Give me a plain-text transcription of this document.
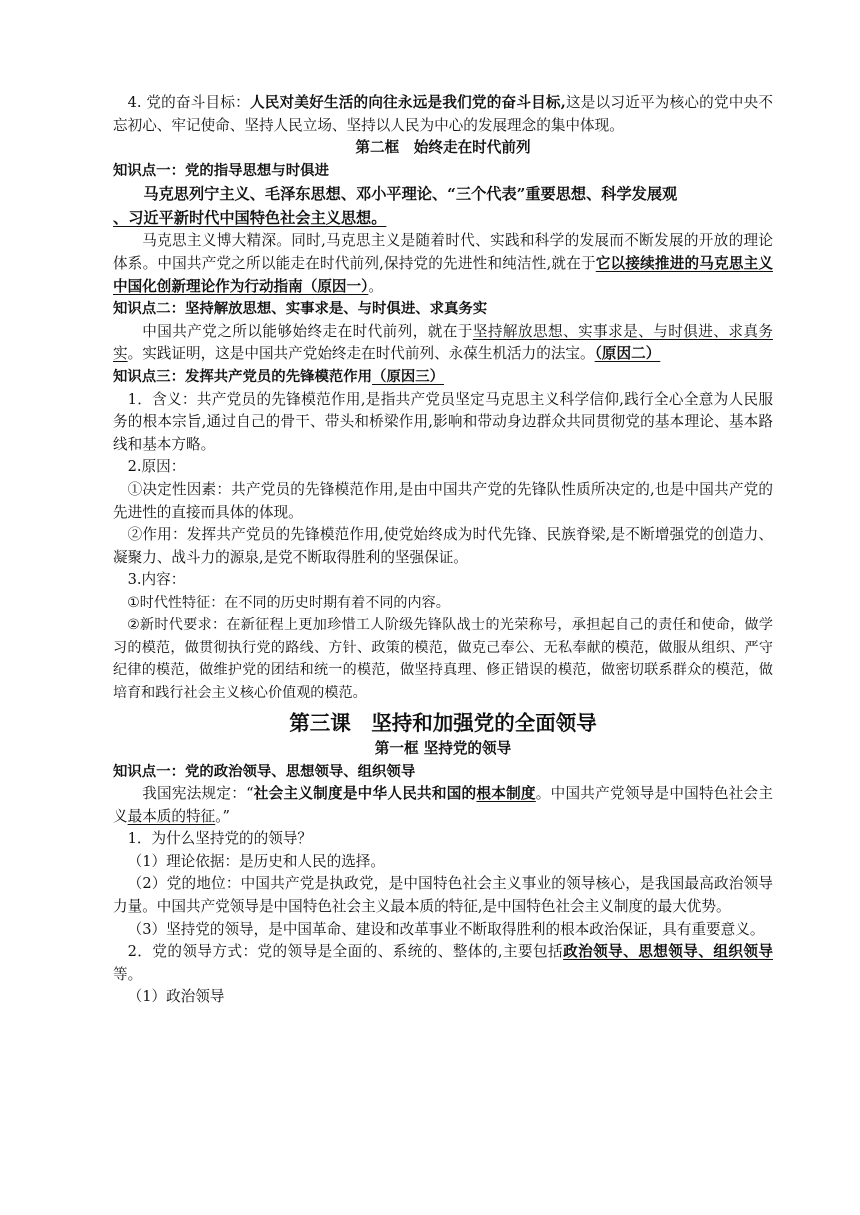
4. 党的奋斗目标：人民对美好生活的向往永远是我们党的奋斗目标,这是以习近平为核心的党中央不忘初心、牢记使命、坚持人民立场、坚持以人民为中心的发展理念的集中体现。

第二框　始终走在时代前列

知识点一：党的指导思想与时俱进

马克思列宁主义、毛泽东思想、邓小平理论、“三个代表”重要思想、科学发展观

、习近平新时代中国特色社会主义思想。

马克思主义博大精深。同时,马克思主义是随着时代、实践和科学的发展而不断发展的开放的理论体系。中国共产党之所以能走在时代前列,保持党的先进性和纯洁性,就在于它以接续推进的马克思主义中国化创新理论作为行动指南（原因一）。

知识点二：坚持解放思想、实事求是、与时俱进、求真务实

中国共产党之所以能够始终走在时代前列，就在于坚持解放思想、实事求是、与时俱进、求真务实。实践证明，这是中国共产党始终走在时代前列、永葆生机活力的法宝。（原因二）

知识点三：发挥共产党员的先锋模范作用（原因三）

1．含义：共产党员的先锋模范作用,是指共产党员坚定马克思主义科学信仰,践行全心全意为人民服务的根本宗旨,通过自己的骨干、带头和桥梁作用,影响和带动身边群众共同贯彻党的基本理论、基本路线和基本方略。

2.原因：

①决定性因素：共产党员的先锋模范作用,是由中国共产党的先锋队性质所决定的,也是中国共产党的先进性的直接而具体的体现。

②作用：发挥共产党员的先锋模范作用,使党始终成为时代先锋、民族脊梁,是不断增强党的创造力、凝聚力、战斗力的源泉,是党不断取得胜利的坚强保证。

3.内容：

①时代性特征：在不同的历史时期有着不同的内容。

②新时代要求：在新征程上更加珍惜工人阶级先锋队战士的光荣称号，承担起自己的责任和使命，做学习的模范，做贯彻执行党的路线、方针、政策的模范，做克己奉公、无私奉献的模范，做服从组织、严守纪律的模范，做维护党的团结和统一的模范，做坚持真理、修正错误的模范，做密切联系群众的模范，做培育和践行社会主义核心价值观的模范。

第三课　坚持和加强党的全面领导

第一框 坚持党的领导

知识点一：党的政治领导、思想领导、组织领导

我国宪法规定：“社会主义制度是中华人民共和国的根本制度。中国共产党领导是中国特色社会主义最本质的特征。”

1．为什么坚持党的的领导？

（1）理论依据：是历史和人民的选择。

（2）党的地位：中国共产党是执政党，是中国特色社会主义事业的领导核心，是我国最高政治领导力量。中国共产党领导是中国特色社会主义最本质的特征,是中国特色社会主义制度的最大优势。

（3）坚持党的领导，是中国革命、建设和改革事业不断取得胜利的根本政治保证，具有重要意义。

2．党的领导方式：党的领导是全面的、系统的、整体的,主要包括政治领导、思想领导、组织领导等。

（1）政治领导
